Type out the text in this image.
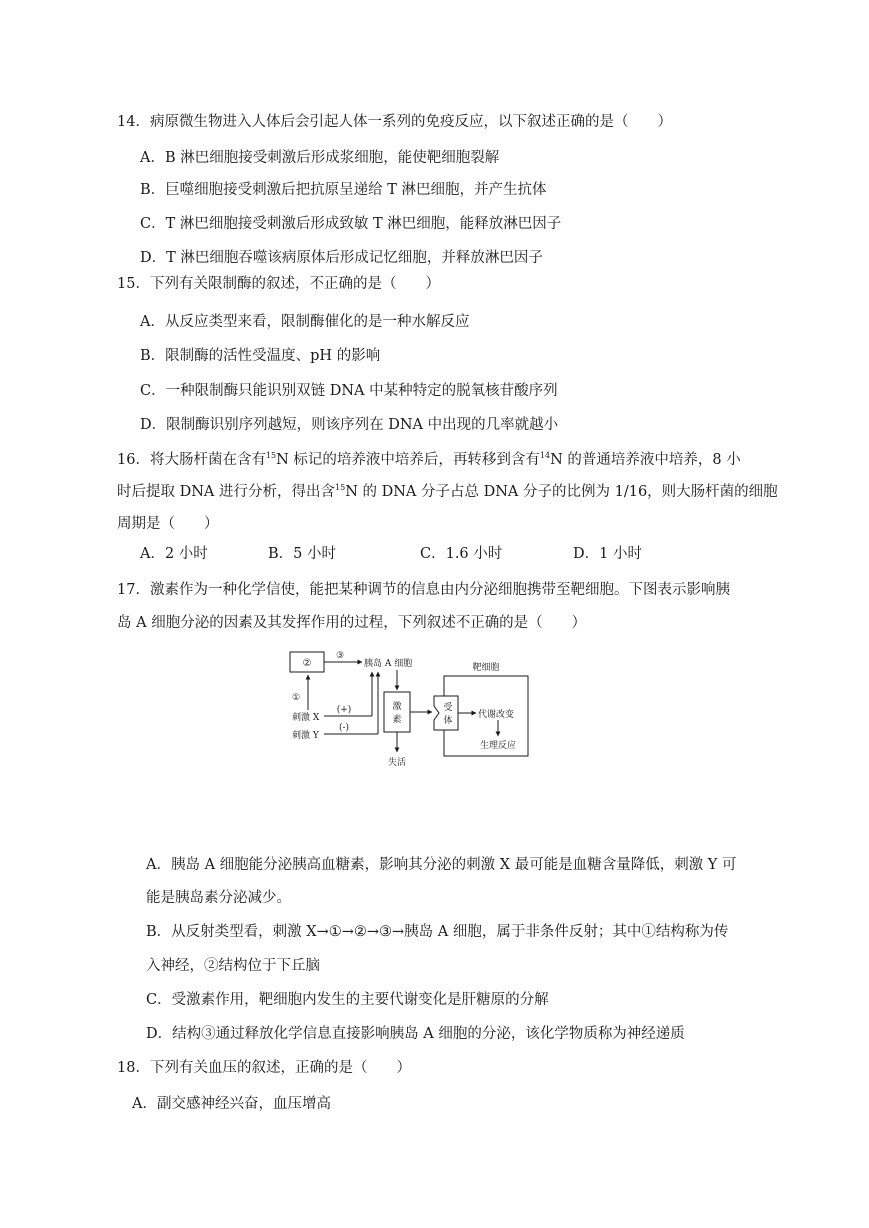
14．病原微生物进入人体后会引起人体一系列的免疫反应，以下叙述正确的是（　　）
A．B 淋巴细胞接受刺激后形成浆细胞，能使靶细胞裂解
B．巨噬细胞接受刺激后把抗原呈递给 T 淋巴细胞，并产生抗体
C．T 淋巴细胞接受刺激后形成致敏 T 淋巴细胞，能释放淋巴因子
D．T 淋巴细胞吞噬该病原体后形成记忆细胞，并释放淋巴因子
15．下列有关限制酶的叙述，不正确的是（　　）
A．从反应类型来看，限制酶催化的是一种水解反应
B．限制酶的活性受温度、pH 的影响
C．一种限制酶只能识别双链 DNA 中某种特定的脱氧核苷酸序列
D．限制酶识别序列越短，则该序列在 DNA 中出现的几率就越小
16．将大肠杆菌在含有$^{15}$N 标记的培养液中培养后，再转移到含有$^{14}$N 的普通培养液中培养，8 小
时后提取 DNA 进行分析，得出含$^{15}$N 的 DNA 分子占总 DNA 分子的比例为 1/16，则大肠杆菌的细胞
周期是（　　）
A．2 小时	B．5 小时	C．1.6 小时	D．1 小时
17．激素作为一种化学信使，能把某种调节的信息由内分泌细胞携带至靶细胞。下图表示影响胰
岛 A 细胞分泌的因素及其发挥作用的过程，下列叙述不正确的是（　　）
②
③
胰岛 A 细胞
①
刺激 X
(+)
刺激 Y
(-)
激
素
失活
靶细胞
受
体
代谢改变
生理反应
A．胰岛 A 细胞能分泌胰高血糖素，影响其分泌的刺激 X 最可能是血糖含量降低，刺激 Y 可
能是胰岛素分泌减少。
B．从反射类型看，刺激 X→①→②→③→胰岛 A 细胞，属于非条件反射；其中①结构称为传
入神经，②结构位于下丘脑
C．受激素作用，靶细胞内发生的主要代谢变化是肝糖原的分解
D．结构③通过释放化学信息直接影响胰岛 A 细胞的分泌，该化学物质称为神经递质
18．下列有关血压的叙述，正确的是（　　）
A．副交感神经兴奋，血压增高
